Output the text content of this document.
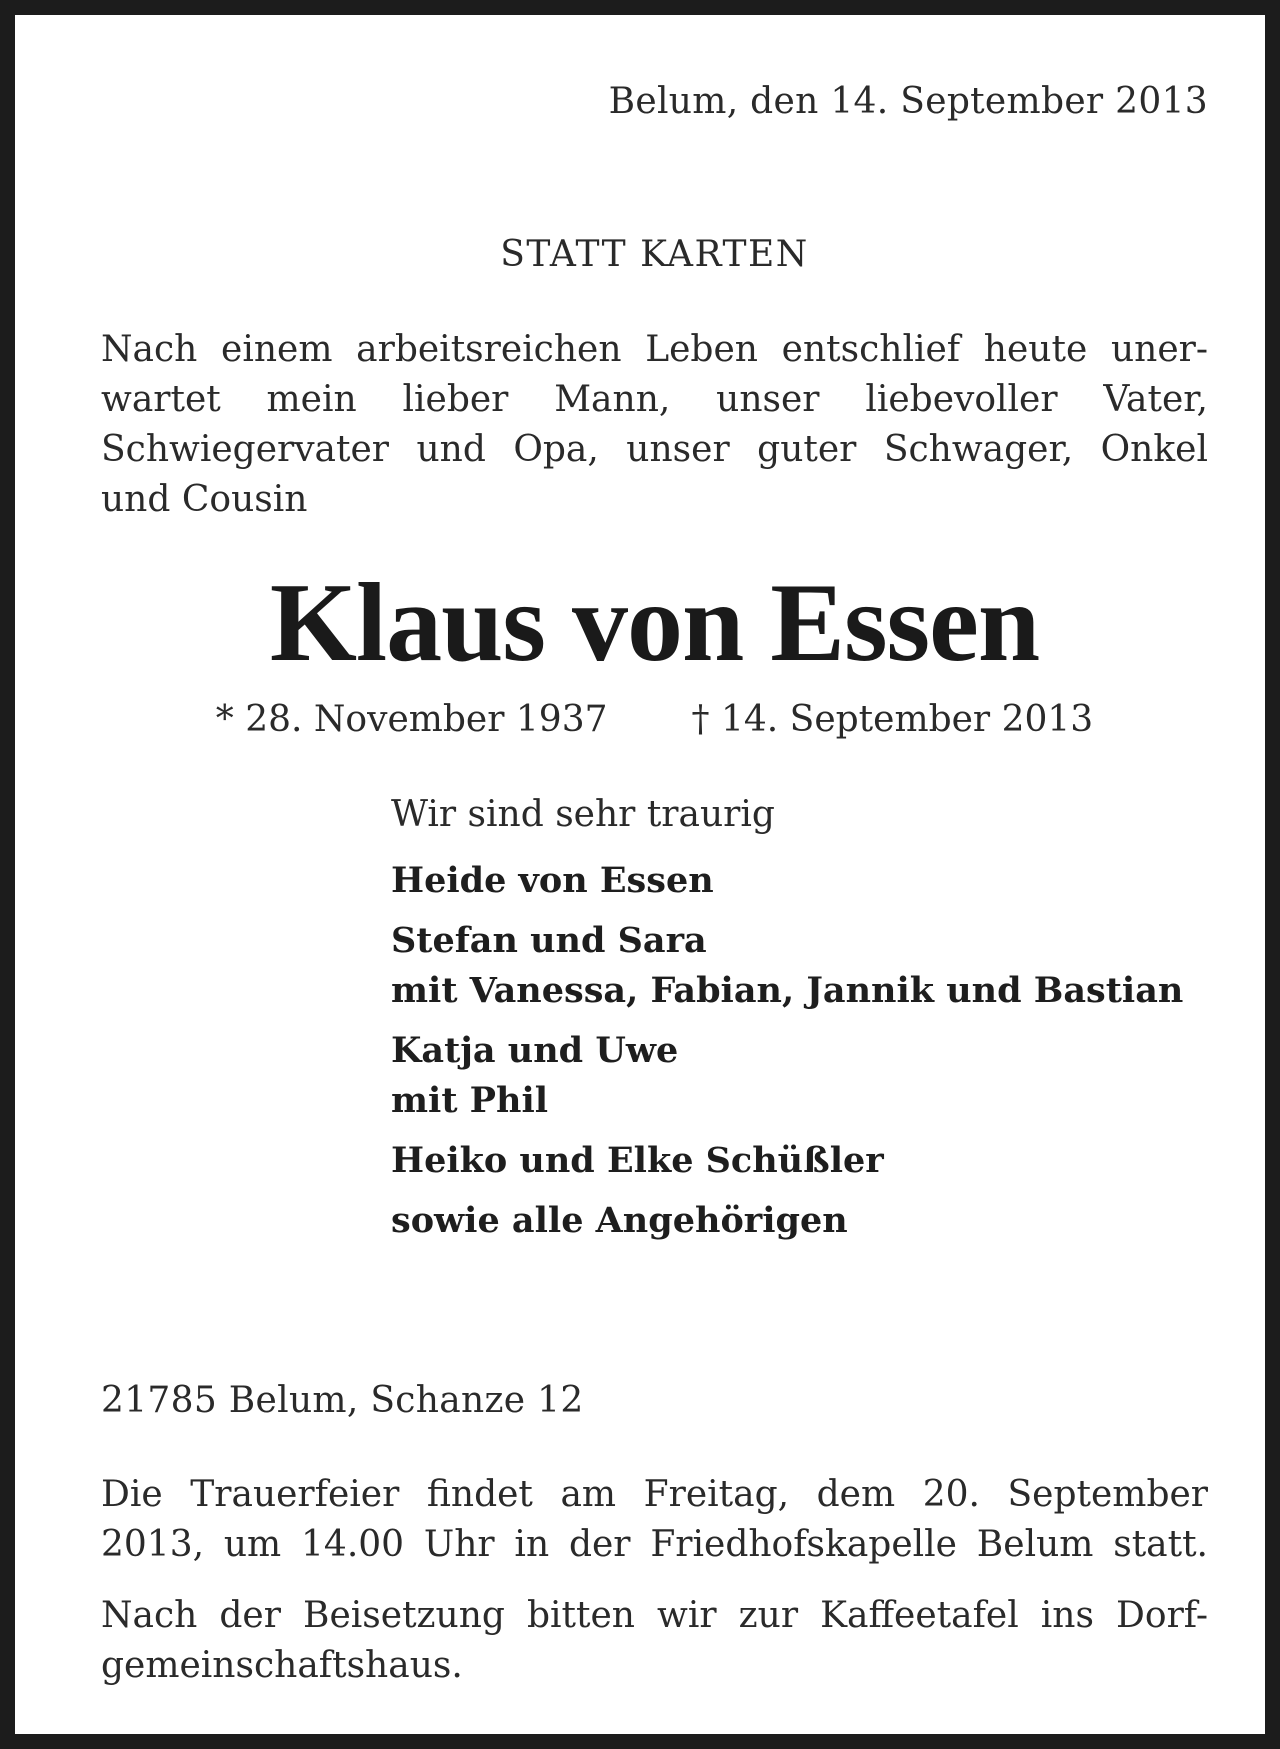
Belum, den 14. September 2013
STATT KARTEN
Nach einem arbeitsreichen Leben entschlief heute uner-
wartet mein lieber Mann, unser liebevoller Vater,
Schwiegervater und Opa, unser guter Schwager, Onkel
und Cousin
Klaus von Essen
* 28. November 1937 † 14. September 2013
Wir sind sehr traurig
Heide von Essen
Stefan und Sara
mit Vanessa, Fabian, Jannik und Bastian
Katja und Uwe
mit Phil
Heiko und Elke Schüßler
sowie alle Angehörigen
21785 Belum, Schanze 12
Die Trauerfeier findet am Freitag, dem 20. September
2013, um 14.00 Uhr in der Friedhofskapelle Belum statt.
Nach der Beisetzung bitten wir zur Kaffeetafel ins Dorf-
gemeinschaftshaus.
